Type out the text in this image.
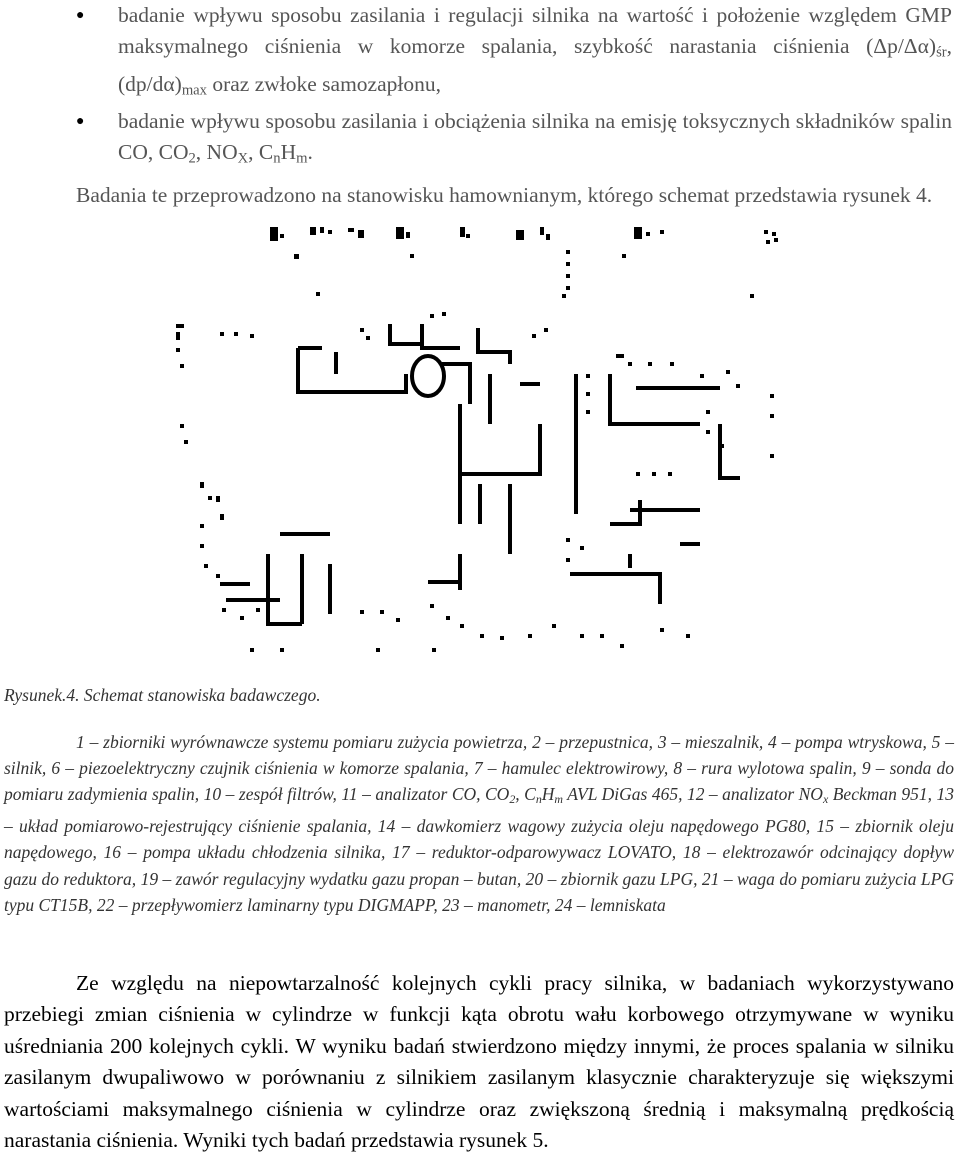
● badanie wpływu sposobu zasilania i regulacji silnika na wartość i położenie względem GMP maksymalnego ciśnienia w komorze spalania, szybkość narastania ciśnienia $(\Delta p/\Delta\alpha)_{śr}$, $(dp/d\alpha)_{max}$ oraz zwłoke samozapłonu,
● badanie wpływu sposobu zasilania i obciążenia silnika na emisję toksycznych składników spalin CO, $CO_2$, $NO_X$, $C_nH_m$.

Badania te przeprowadzono na stanowisku hamownianym, którego schemat przedstawia rysunek 4.

Rysunek.4. Schemat stanowiska badawczego.

1 – zbiorniki wyrównawcze systemu pomiaru zużycia powietrza, 2 – przepustnica, 3 – mieszalnik, 4 – pompa wtryskowa, 5 – silnik, 6 – piezoelektryczny czujnik ciśnienia w komorze spalania, 7 – hamulec elektrowirowy, 8 – rura wylotowa spalin, 9 – sonda do pomiaru zadymienia spalin, 10 – zespół filtrów, 11 – analizator CO, $CO_2$, $C_nH_m$ AVL DiGas 465, 12 – analizator $NO_x$ Beckman 951, 13 – układ pomiarowo-rejestrujący ciśnienie spalania, 14 – dawkomierz wagowy zużycia oleju napędowego PG80, 15 – zbiornik oleju napędowego, 16 – pompa układu chłodzenia silnika, 17 – reduktor-odparowywacz LOVATO, 18 – elektrozawór odcinający dopływ gazu do reduktora, 19 – zawór regulacyjny wydatku gazu propan – butan, 20 – zbiornik gazu LPG, 21 – waga do pomiaru zużycia LPG typu CT15B, 22 – przepływomierz laminarny typu DIGMAPP, 23 – manometr, 24 – lemniskata

Ze względu na niepowtarzalność kolejnych cykli pracy silnika, w badaniach wykorzystywano przebiegi zmian ciśnienia w cylindrze w funkcji kąta obrotu wału korbowego otrzymywane w wyniku uśredniania 200 kolejnych cykli. W wyniku badań stwierdzono między innymi, że proces spalania w silniku zasilanym dwupaliwowo w porównaniu z silnikiem zasilanym klasycznie charakteryzuje się większymi wartościami maksymalnego ciśnienia w cylindrze oraz zwiększoną średnią i maksymalną prędkością narastania ciśnienia. Wyniki tych badań przedstawia rysunek 5.
